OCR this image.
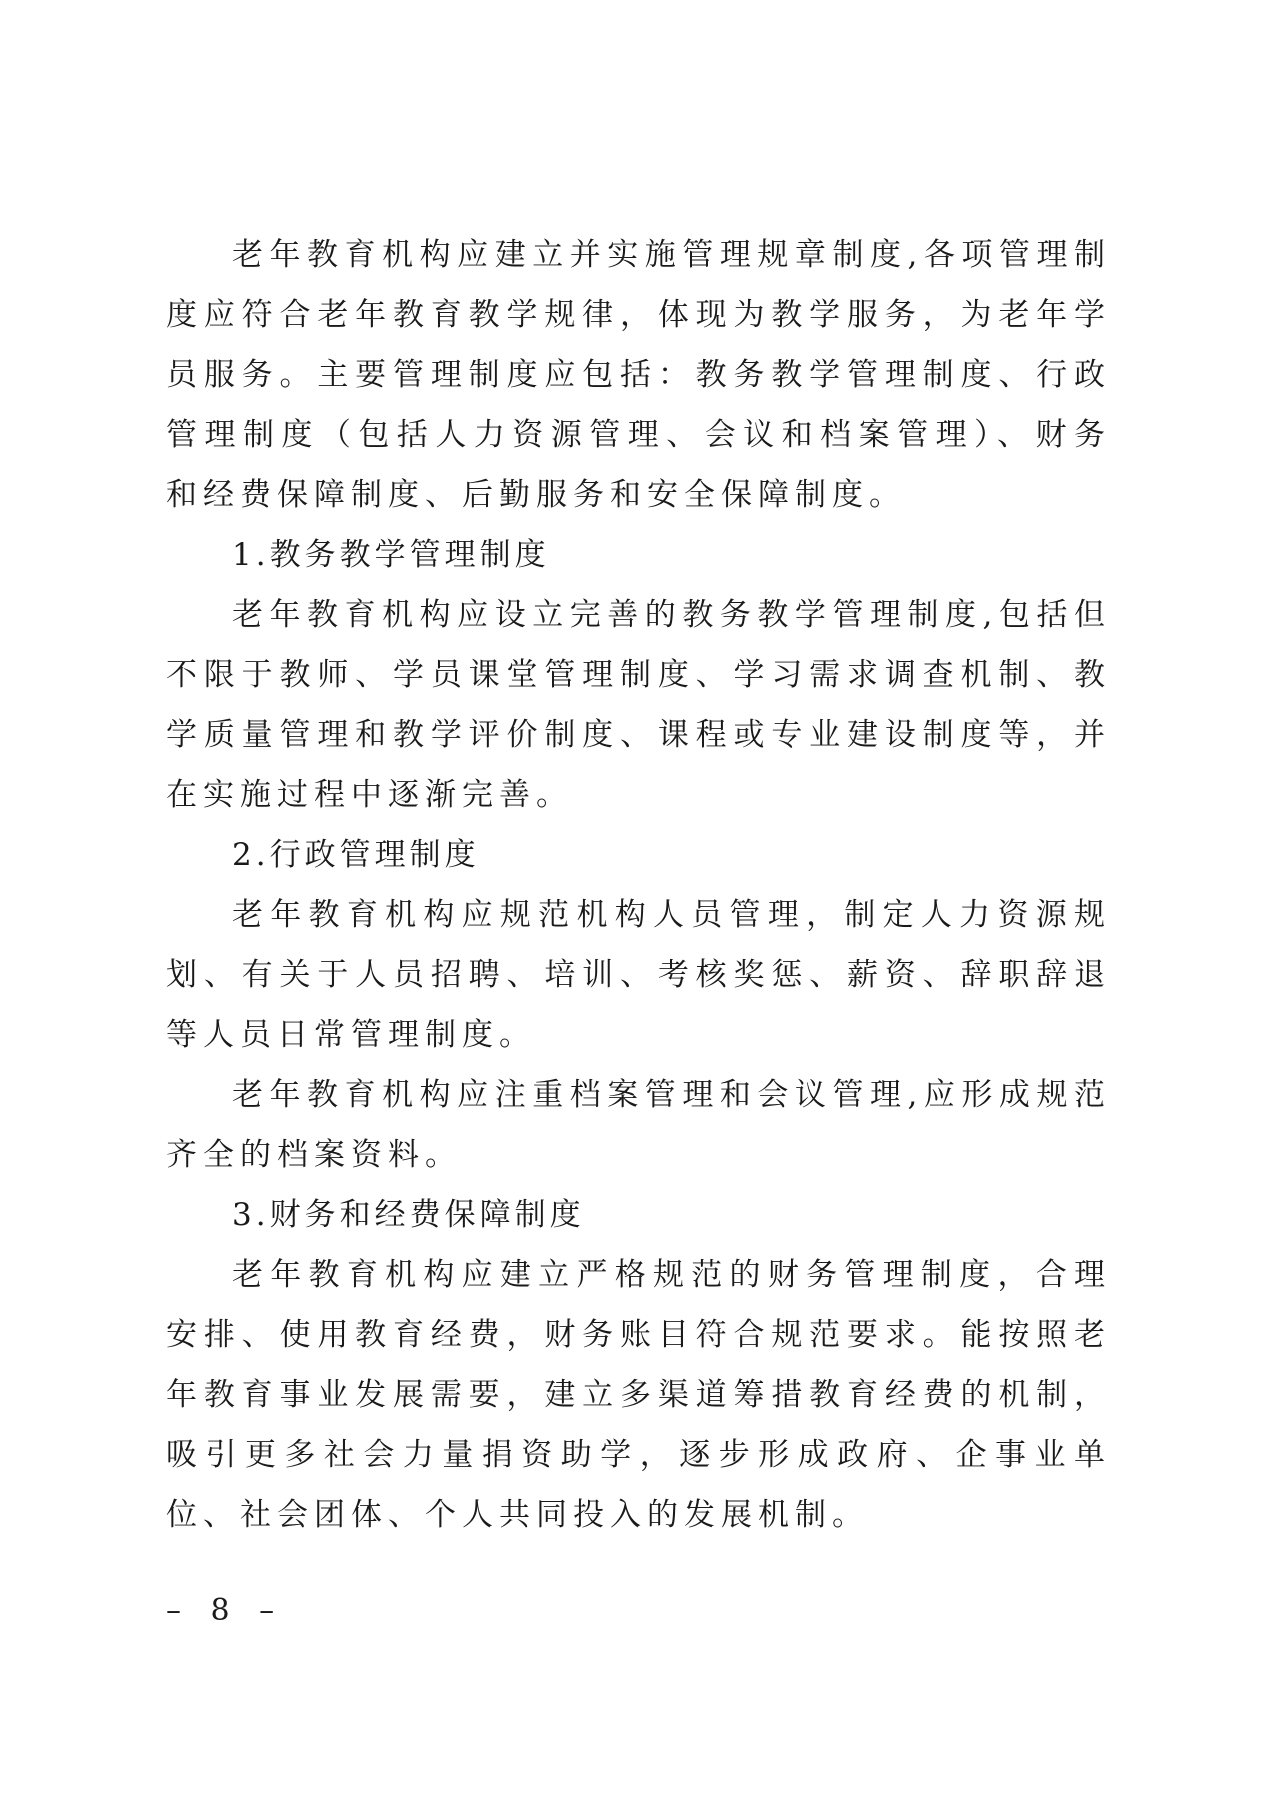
老年教育机构应建立并实施管理规章制度,各项管理制度应符合老年教育教学规律，体现为教学服务，为老年学员服务。主要管理制度应包括：教务教学管理制度、行政管理制度（包括人力资源管理、会议和档案管理）、财务和经费保障制度、后勤服务和安全保障制度。

1.教务教学管理制度

老年教育机构应设立完善的教务教学管理制度,包括但不限于教师、学员课堂管理制度、学习需求调查机制、教学质量管理和教学评价制度、课程或专业建设制度等，并在实施过程中逐渐完善。

2.行政管理制度

老年教育机构应规范机构人员管理，制定人力资源规划、有关于人员招聘、培训、考核奖惩、薪资、辞职辞退等人员日常管理制度。

老年教育机构应注重档案管理和会议管理,应形成规范齐全的档案资料。

3.财务和经费保障制度

老年教育机构应建立严格规范的财务管理制度，合理安排、使用教育经费，财务账目符合规范要求。能按照老年教育事业发展需要，建立多渠道筹措教育经费的机制，吸引更多社会力量捐资助学，逐步形成政府、企事业单位、社会团体、个人共同投入的发展机制。

– 8 –
